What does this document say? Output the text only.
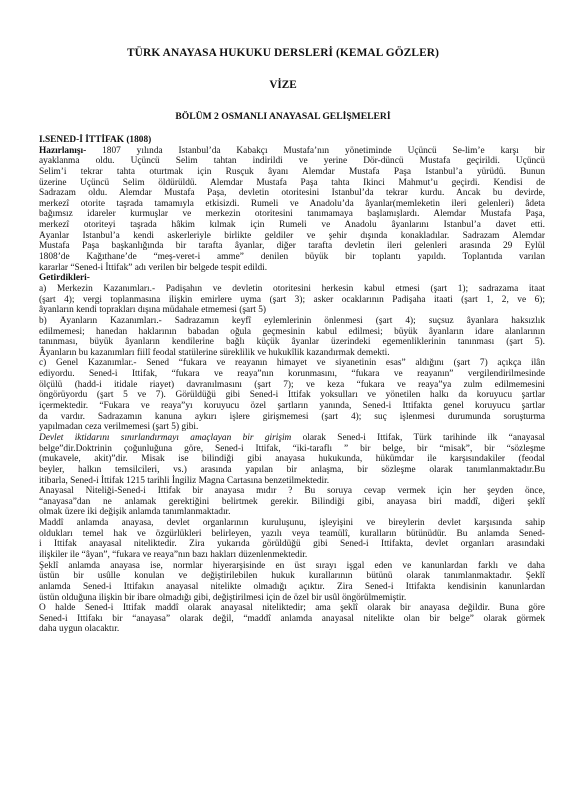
TÜRK ANAYASA HUKUKU DERSLERİ (KEMAL GÖZLER)
VİZE
BÖLÜM 2 OSMANLI ANAYASAL GELİŞMELERİ
I.SENED-İ İTTİFAK (1808)
Hazırlanışı- 1807 yılında İstanbul’da Kabakçı Mustafa’nın yönetiminde Üçüncü Se-lim’e karşı bir
ayaklanma oldu. Üçüncü Selim tahtan indirildi ve yerine Dör-düncü Mustafa geçirildi. Üçüncü
Selim’i tekrar tahta oturtmak için Rusçuk âyanı Alemdar Mustafa Paşa İstanbul’a yürüdü. Bunun
üzerine Üçüncü Selim öldürüldü. Alemdar Mustafa Paşa tahta İkinci Mahmut’u geçirdi. Kendisi de
Sadrazam oldu. Alemdar Mustafa Paşa, devletin otoritesini İstanbul’da tekrar kurdu. Ancak bu devirde,
merkezî otorite taşrada tamamıyla etkisizdi. Rumeli ve Anadolu’da âyanlar(memleketin ileri gelenleri) âdeta
bağımsız idareler kurmuşlar ve merkezin otoritesini tanımamaya başlamışlardı. Alemdar Mustafa Paşa,
merkezî otoriteyi taşrada hâkim kılmak için Rumeli ve Anadolu âyanlarını İstanbul’a davet etti.
Âyanlar İstanbul’a kendi askerleriyle birlikte geldiler ve şehir dışında konakladılar. Sadrazam Alemdar
Mustafa Paşa başkanlığında bir tarafta âyanlar, diğer tarafta devletin ileri gelenleri arasında 29 Eylül
1808’de Kağıthane’de “meş-veret-i amme” denilen büyük bir toplantı yapıldı. Toplantıda varılan
kararlar “Sened-i İttifak” adı verilen bir belgede tespit edildi.
Getirdikleri-
a) Merkezin Kazanımları.- Padişahın ve devletin otoritesini herkesin kabul etmesi (şart 1); sadrazama itaat
(şart 4); vergi toplanmasına ilişkin emirlere uyma (şart 3); asker ocaklarının Padişaha itaati (şart 1, 2, ve 6);
âyanların kendi toprakları dışına müdahale etmemesi (şart 5)
b) Âyanların Kazanımları.- Sadrazamın keyfî eylemlerinin önlenmesi (şart 4); suçsuz âyanlara haksızlık
edilmemesi; hanedan haklarının babadan oğula geçmesinin kabul edilmesi; büyük âyanların idare alanlarının
tanınması, büyük âyanların kendilerine bağlı küçük âyanlar üzerindeki egemenliklerinin tanınması (şart 5).
Âyanların bu kazanımları fiilî feodal statülerine süreklilik ve hukukîlik kazandırmak demekti.
c) Genel Kazanımlar.- Sened “fukara ve reayanın himayet ve siyanetinin esas” aldığını (şart 7) açıkça ilân
ediyordu. Sened-i İttifak, “fukara ve reaya”nın korunmasını, “fukara ve reayanın” vergilendirilmesinde
ölçülü (hadd-i itidale riayet) davranılmasını (şart 7); ve keza “fukara ve reaya”ya zulm edilmemesini
öngörüyordu (şart 5 ve 7). Görüldüğü gibi Sened-i İttifak yoksulları ve yönetilen halkı da koruyucu şartlar
içermektedir. “Fukara ve reaya”yı koruyucu özel şartların yanında, Sened-i İttifakta genel koruyucu şartlar
da vardır. Sadrazamın kanuna aykırı işlere girişmemesi (şart 4); suç işlenmesi durumunda soruşturma
yapılmadan ceza verilmemesi (şart 5) gibi.
Devlet iktidarını sınırlandırmayı amaçlayan bir girişim olarak Sened-i İttifak, Türk tarihinde ilk “anayasal
belge”dir.Doktrinin çoğunluğuna göre, Sened-i İttifak, “iki-taraflı ” bir belge, bir “misak”, bir “sözleşme
(mukavele, akit)”dir. Misak ise bilindiği gibi anayasa hukukunda, hükümdar ile karşısındakiler (feodal
beyler, halkın temsilcileri, vs.) arasında yapılan bir anlaşma, bir sözleşme olarak tanımlanmaktadır.Bu
itibarla, Sened-i İttifak 1215 tarihli İngiliz Magna Cartasına benzetilmektedir.
Anayasal Niteliği-Sened-i İttifak bir anayasa mıdır ? Bu soruya cevap vermek için her şeyden önce,
“anayasa”dan ne anlamak gerektiğini belirtmek gerekir. Bilindiği gibi, anayasa biri maddî, diğeri şeklî
olmak üzere iki değişik anlamda tanımlanmaktadır.
Maddî anlamda anayasa, devlet organlarının kuruluşunu, işleyişini ve bireylerin devlet karşısında sahip
oldukları temel hak ve özgürlükleri belirleyen, yazılı veya teamülî, kuralların bütünüdür. Bu anlamda Sened-
i İttifak anayasal niteliktedir. Zira yukarıda görüldüğü gibi Sened-i İttifakta, devlet organları arasındaki
ilişkiler ile “âyan”, “fukara ve reaya”nın bazı hakları düzenlenmektedir.
Şeklî anlamda anayasa ise, normlar hiyerarşisinde en üst sırayı işgal eden ve kanunlardan farklı ve daha
üstün bir usûlle konulan ve değiştirilebilen hukuk kurallarının bütünü olarak tanımlanmaktadır. Şeklî
anlamda Sened-i İttifakın anayasal nitelikte olmadığı açıktır. Zira Sened-i İttifakta kendisinin kanunlardan
üstün olduğuna ilişkin bir ibare olmadığı gibi, değiştirilmesi için de özel bir usûl öngörülmemiştir.
O halde Sened-i İttifak maddî olarak anayasal niteliktedir; ama şeklî olarak bir anayasa değildir. Buna göre
Sened-i İttifakı bir “anayasa” olarak değil, “maddî anlamda anayasal nitelikte olan bir belge” olarak görmek
daha uygun olacaktır.
